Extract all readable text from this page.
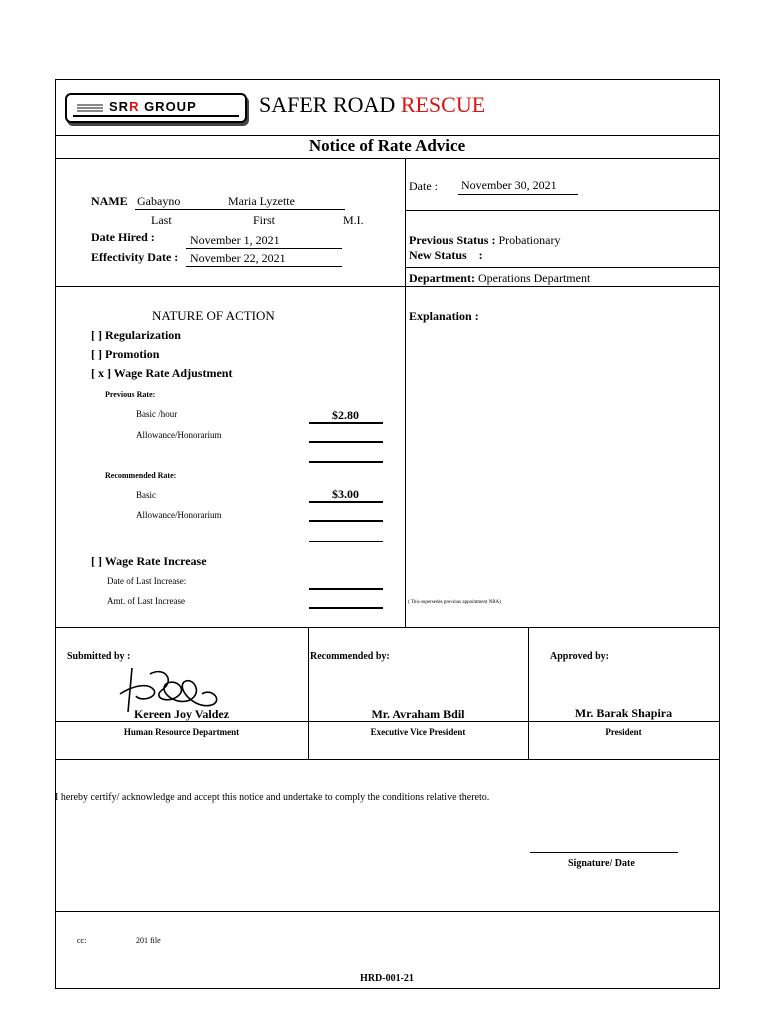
SRR GROUP	SAFER ROAD RESCUE
Notice of Rate Advice
NAME Gabayno	Maria Lyzette
Last	First	M.I.
Date Hired :	November 1, 2021
Effectivity Date : November 22, 2021
Date : November 30, 2021
Previous Status : Probationary
New Status :
Department: Operations Department
NATURE OF ACTION
[ ] Regularization
[ ] Promotion
[ x ] Wage Rate Adjustment
Previous Rate:
Basic /hour	$2.80
Allowance/Honorarium
Recommended Rate:
Basic	$3.00
Allowance/Honorarium
[ ] Wage Rate Increase
Date of Last Increase:
Amt. of Last Increase
Explanation :
( This supersedes previous appointment NRA)
Submitted by :
Kereen Joy Valdez
Human Resource Department
Recommended by:
Mr. Avraham Bdil
Executive Vice President
Approved by:
Mr. Barak Shapira
President
I hereby certify/ acknowledge and accept this notice and undertake to comply the conditions relative thereto.
Signature/ Date
cc:	201 file
HRD-001-21
